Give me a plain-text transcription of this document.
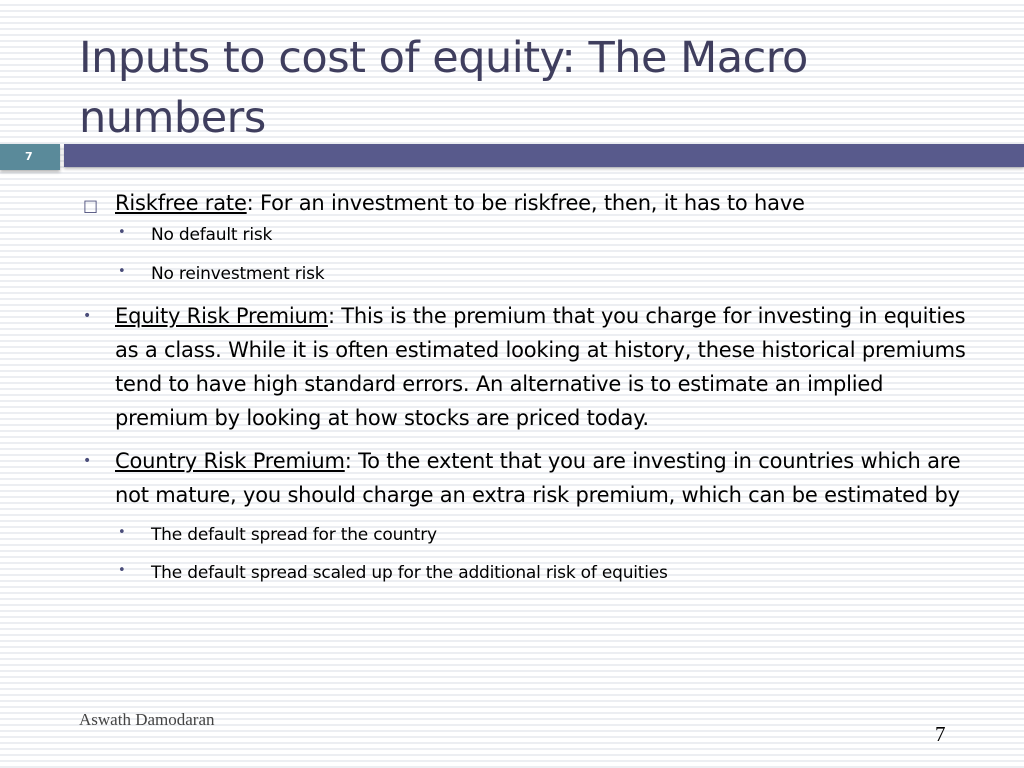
Inputs to cost of equity: The Macro numbers
7
□ Riskfree rate: For an investment to be riskfree, then, it has to have
• No default risk
• No reinvestment risk
• Equity Risk Premium: This is the premium that you charge for investing in equities as a class. While it is often estimated looking at history, these historical premiums tend to have high standard errors. An alternative is to estimate an implied premium by looking at how stocks are priced today.
• Country Risk Premium: To the extent that you are investing in countries which are not mature, you should charge an extra risk premium, which can be estimated by
• The default spread for the country
• The default spread scaled up for the additional risk of equities
Aswath Damodaran
7
